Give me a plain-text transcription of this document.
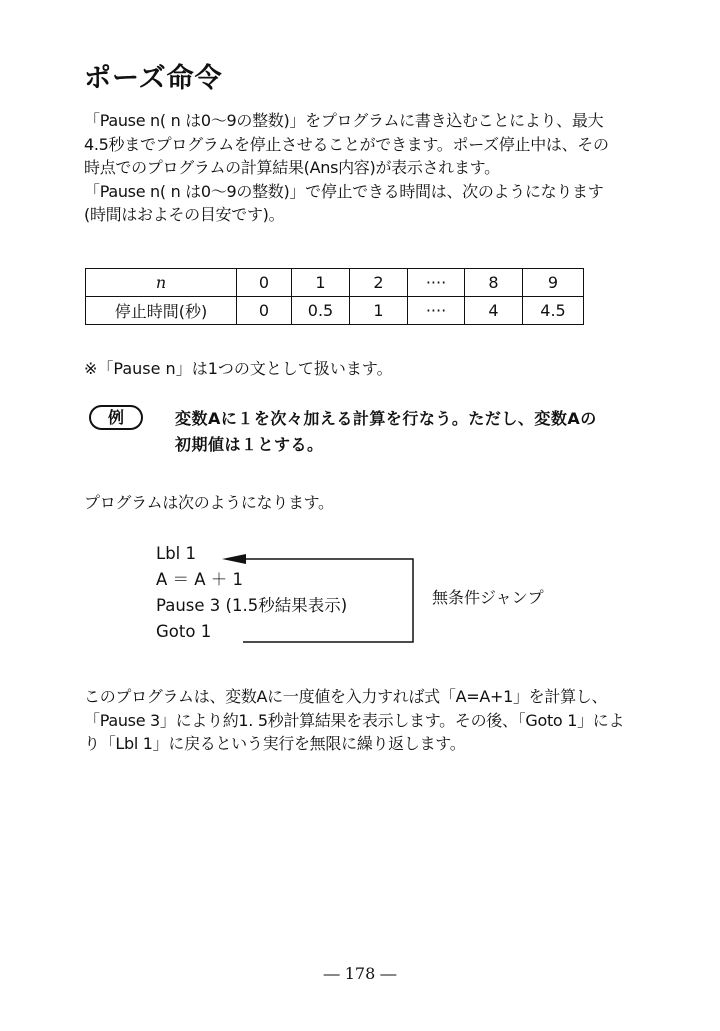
ポーズ命令

「Pause n( n は0～9の整数)」をプログラムに書き込むことにより、最大

4.5秒までプログラムを停止させることができます。ポーズ停止中は、その

時点でのプログラムの計算結果(Ans内容)が表示されます。

「Pause n( n は0～9の整数)」で停止できる時間は、次のようになります

(時間はおよその目安です)。

n	0	1	2	····	8	9
停止時間(秒)	0	0.5	1	····	4	4.5
※「Pause n」は1つの文として扱います。
例	変数Aに１を次々加える計算を行なう。ただし、変数Aの
初期値は１とする。
プログラムは次のようになります。
Lbl 1
A ＝ A ＋ 1
Pause 3 (1.5秒結果表示)
Goto 1
無条件ジャンプ

このプログラムは、変数Aに一度値を入力すれば式「A=A+1」を計算し、

「Pause 3」により約1. 5秒計算結果を表示します。その後、「Goto 1」によ

り「Lbl 1」に戻るという実行を無限に繰り返します。

― 178 ―
